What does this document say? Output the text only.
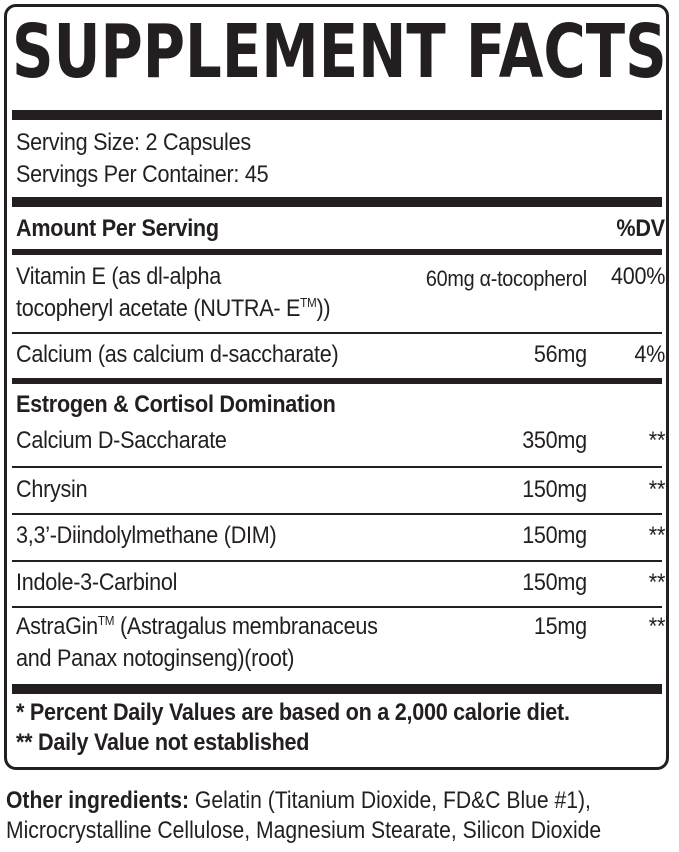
SUPPLEMENT FACTS
Serving Size: 2 Capsules
Servings Per Container: 45
Amount Per Serving	%DV
Vitamin E (as dl-alpha
tocopheryl acetate (NUTRA- E™))
60mg α-tocopherol 400%
Calcium (as calcium d-saccharate)	56mg 4%
Estrogen & Cortisol Domination
Calcium D-Saccharate	350mg	**
Chrysin	150mg	**
3,3’-Diindolylmethane (DIM)	150mg	**
Indole-3-Carbinol	150mg	**
AstraGin™ (Astragalus membranaceus
and Panax notoginseng)(root)
15mg	**
* Percent Daily Values are based on a 2,000 calorie diet.
** Daily Value not established
Other ingredients: Gelatin (Titanium Dioxide, FD&C Blue #1),
Microcrystalline Cellulose, Magnesium Stearate, Silicon Dioxide
